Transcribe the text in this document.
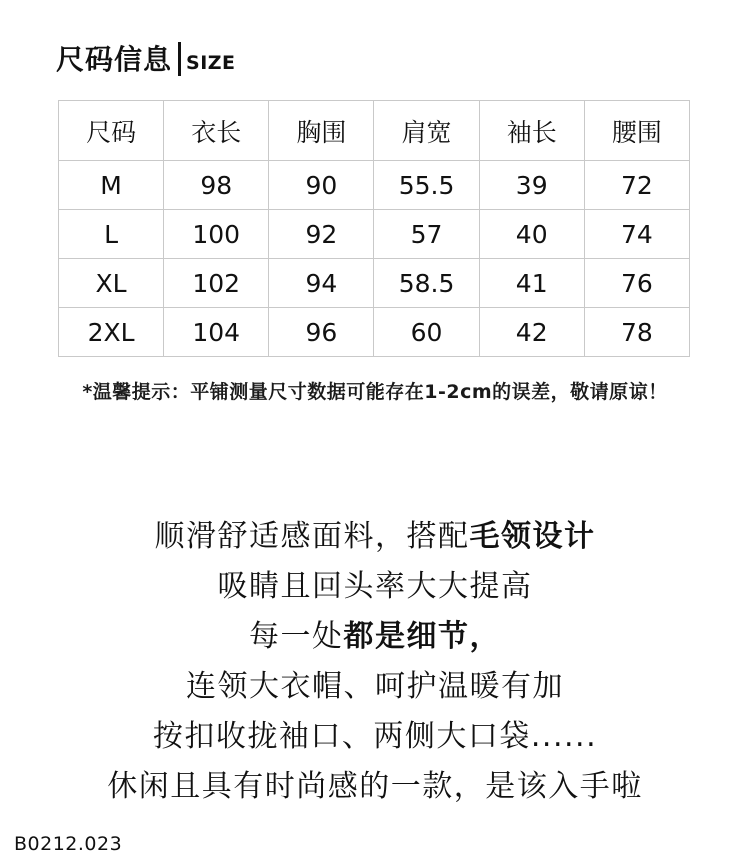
尺码信息 SIZE
尺码	衣长	胸围	肩宽	袖长	腰围
M	98	90	55.5	39	72
L	100	92	57	40	74
XL	102	94	58.5	41	76
2XL	104	96	60	42	78
*温馨提示：平铺测量尺寸数据可能存在1-2cm的误差，敬请原谅！
顺滑舒适感面料，搭配毛领设计
吸睛且回头率大大提高
每一处都是细节，
连领大衣帽、呵护温暖有加
按扣收拢袖口、两侧大口袋......
休闲且具有时尚感的一款，是该入手啦
B0212.023
